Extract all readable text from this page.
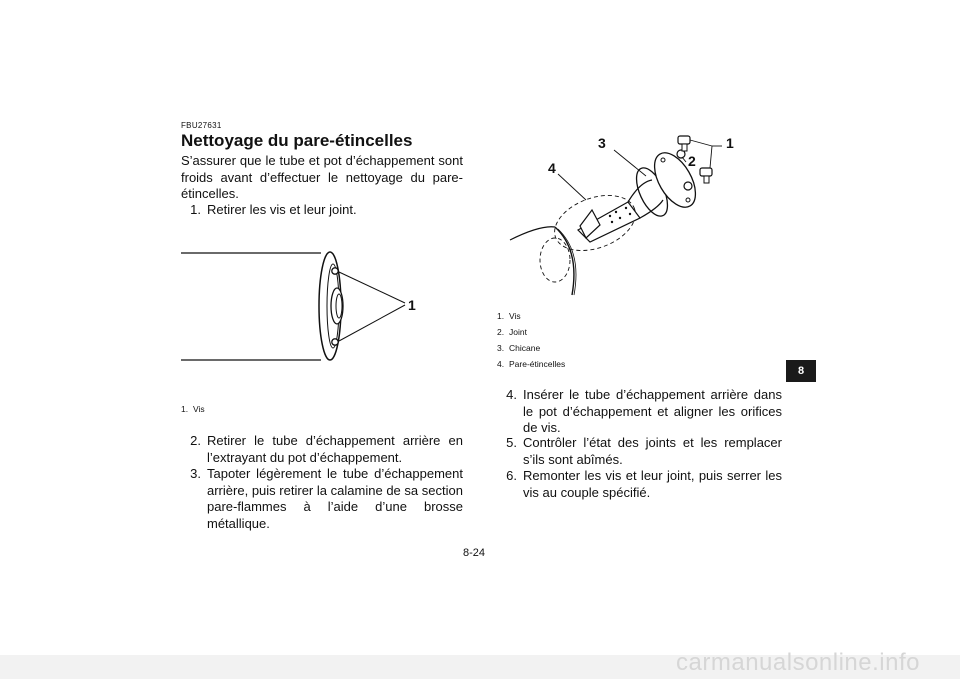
FBU27631
Nettoyage du pare-étincelles

S’assurer que le tube et pot d’échappement sont froids avant d’effectuer le nettoyage du pare-étincelles.

1. Retirer les vis et leur joint.
1
1. Vis
2. Retirer le tube d’échappement arrière en l’extrayant du pot d’échappement.
3. Tapoter légèrement le tube d’échappement arrière, puis retirer la calamine de sa section pare-flammes à l’aide d’une brosse métallique.
3	1
2
4
1. Vis
2. Joint
3. Chicane
4. Pare-étincelles
4. Insérer le tube d’échappement arrière dans le pot d’échappement et aligner les orifices de vis.
5. Contrôler l’état des joints et les remplacer s’ils sont abîmés.
6. Remonter les vis et leur joint, puis serrer les vis au couple spécifié.
8
8-24
carmanualsonline.info
